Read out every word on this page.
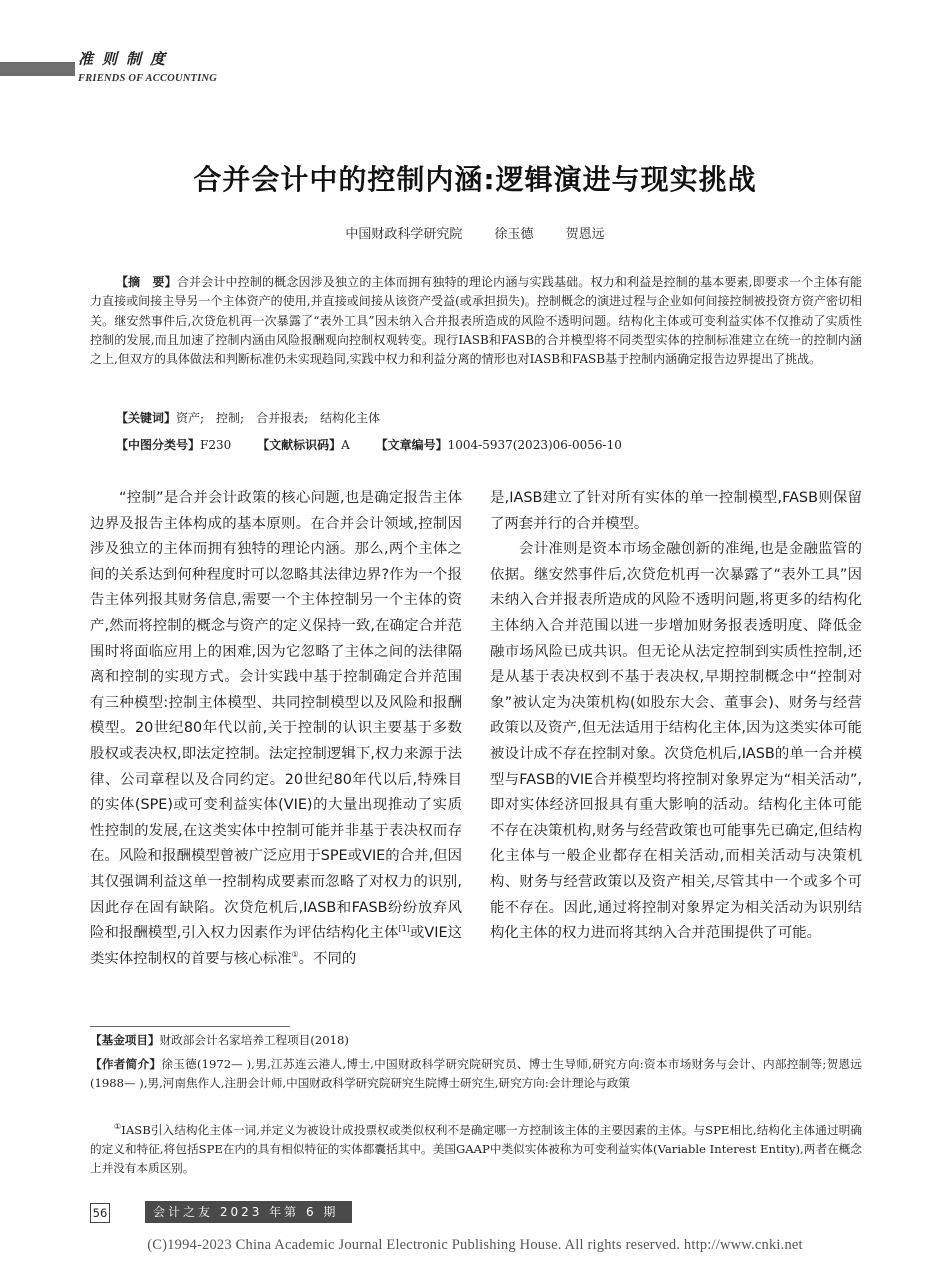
准则制度
FRIENDS OF ACCOUNTING
合并会计中的控制内涵:逻辑演进与现实挑战
中国财政科学研究院 徐玉德 贺恩远
【摘　要】合并会计中控制的概念因涉及独立的主体而拥有独特的理论内涵与实践基础。权力和利益是控制的基本要素,即要求一个主体有能力直接或间接主导另一个主体资产的使用,并直接或间接从该资产受益(或承担损失)。控制概念的演进过程与企业如何间接控制被投资方资产密切相关。继安然事件后,次贷危机再一次暴露了“表外工具”因未纳入合并报表所造成的风险不透明问题。结构化主体或可变利益实体不仅推动了实质性控制的发展,而且加速了控制内涵由风险报酬观向控制权观转变。现行IASB和FASB的合并模型将不同类型实体的控制标准建立在统一的控制内涵之上,但双方的具体做法和判断标准仍未实现趋同,实践中权力和利益分离的情形也对IASB和FASB基于控制内涵确定报告边界提出了挑战。
【关键词】资产;　控制;　合并报表;　结构化主体
【中图分类号】F230 【文献标识码】A 【文章编号】1004-5937(2023)06-0056-10

“控制”是合并会计政策的核心问题,也是确定报告主体边界及报告主体构成的基本原则。在合并会计领域,控制因涉及独立的主体而拥有独特的理论内涵。那么,两个主体之间的关系达到何种程度时可以忽略其法律边界?作为一个报告主体列报其财务信息,需要一个主体控制另一个主体的资产,然而将控制的概念与资产的定义保持一致,在确定合并范围时将面临应用上的困难,因为它忽略了主体之间的法律隔离和控制的实现方式。会计实践中基于控制确定合并范围有三种模型:控制主体模型、共同控制模型以及风险和报酬模型。20世纪80年代以前,关于控制的认识主要基于多数股权或表决权,即法定控制。法定控制逻辑下,权力来源于法律、公司章程以及合同约定。20世纪80年代以后,特殊目的实体(SPE)或可变利益实体(VIE)的大量出现推动了实质性控制的发展,在这类实体中控制可能并非基于表决权而存在。风险和报酬模型曾被广泛应用于SPE或VIE的合并,但因其仅强调利益这单一控制构成要素而忽略了对权力的识别,因此存在固有缺陷。次贷危机后,IASB和FASB纷纷放弃风险和报酬模型,引入权力因素作为评估结构化主体[1]或VIE这类实体控制权的首要与核心标准①。不同的

是,IASB建立了针对所有实体的单一控制模型,FASB则保留了两套并行的合并模型。

会计准则是资本市场金融创新的准绳,也是金融监管的依据。继安然事件后,次贷危机再一次暴露了“表外工具”因未纳入合并报表所造成的风险不透明问题,将更多的结构化主体纳入合并范围以进一步增加财务报表透明度、降低金融市场风险已成共识。但无论从法定控制到实质性控制,还是从基于表决权到不基于表决权,早期控制概念中“控制对象”被认定为决策机构(如股东大会、董事会)、财务与经营政策以及资产,但无法适用于结构化主体,因为这类实体可能被设计成不存在控制对象。次贷危机后,IASB的单一合并模型与FASB的VIE合并模型均将控制对象界定为“相关活动”,即对实体经济回报具有重大影响的活动。结构化主体可能不存在决策机构,财务与经营政策也可能事先已确定,但结构化主体与一般企业都存在相关活动,而相关活动与决策机构、财务与经营政策以及资产相关,尽管其中一个或多个可能不存在。因此,通过将控制对象界定为相关活动为识别结构化主体的权力进而将其纳入合并范围提供了可能。

【基金项目】财政部会计名家培养工程项目(2018)
【作者简介】徐玉德(1972— ),男,江苏连云港人,博士,中国财政科学研究院研究员、博士生导师,研究方向:资本市场财务与会计、内部控制等;贺恩远(1988— ),男,河南焦作人,注册会计师,中国财政科学研究院研究生院博士研究生,研究方向:会计理论与政策
①IASB引入结构化主体一词,并定义为被设计成投票权或类似权利不是确定哪一方控制该主体的主要因素的主体。与SPE相比,结构化主体通过明确的定义和特征,将包括SPE在内的具有相似特征的实体都囊括其中。美国GAAP中类似实体被称为可变利益实体(Variable Interest Entity),两者在概念上并没有本质区别。
56	会计之友 2023 年第 6 期
(C)1994-2023 China Academic Journal Electronic Publishing House. All rights reserved. http://www.cnki.net
